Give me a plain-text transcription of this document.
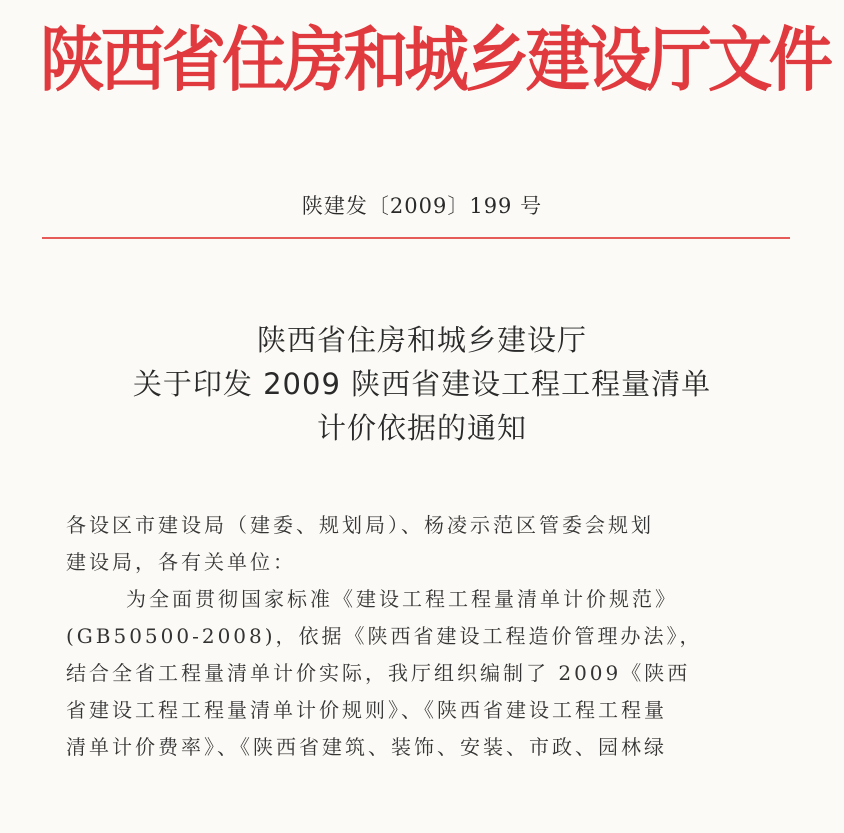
陕西省住房和城乡建设厅文件
陕建发〔2009〕199 号
陕西省住房和城乡建设厅
关于印发 2009 陕西省建设工程工程量清单
计价依据的通知
各设区市建设局（建委、规划局）、杨凌示范区管委会规划
建设局，各有关单位：
为全面贯彻国家标准《建设工程工程量清单计价规范》
(GB50500-2008)，依据《陕西省建设工程造价管理办法》，
结合全省工程量清单计价实际，我厅组织编制了 2009《陕西
省建设工程工程量清单计价规则》、《陕西省建设工程工程量
清单计价费率》、《陕西省建筑、装饰、安装、市政、园林绿
